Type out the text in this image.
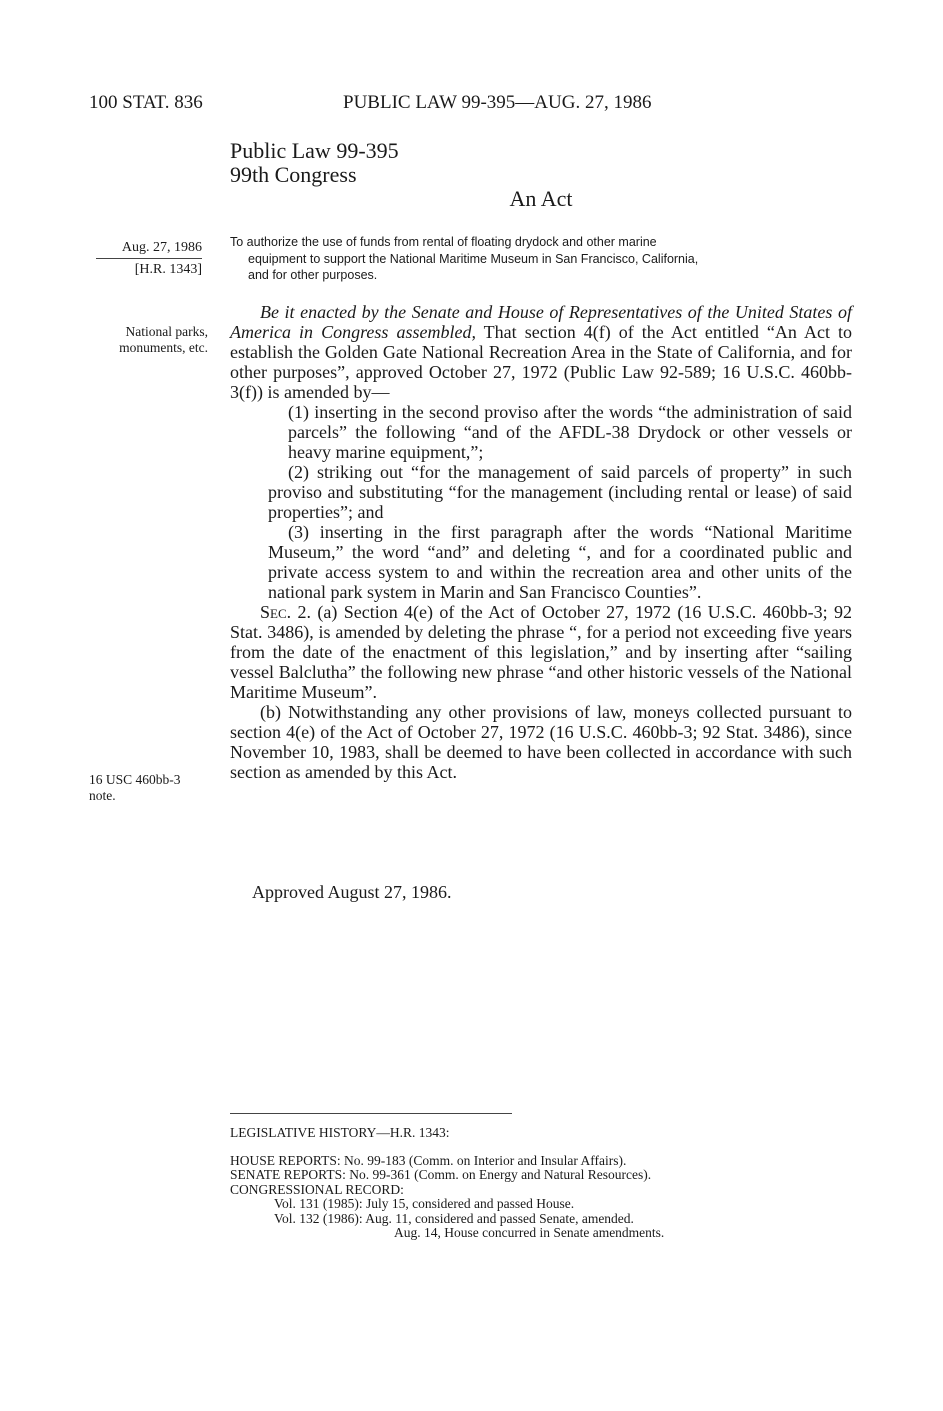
100 STAT. 836	PUBLIC LAW 99-395—AUG. 27, 1986
Public Law 99-395
99th Congress
An Act
Aug. 27, 1986
[H.R. 1343]
National parks, monuments, etc.
16 USC 460bb-3 note.
To authorize the use of funds from rental of floating drydock and other marine
equipment to support the National Maritime Museum in San Francisco, California,
and for other purposes.

Be it enacted by the Senate and House of Representatives of the United States of America in Congress assembled, That section 4(f) of the Act entitled “An Act to establish the Golden Gate National Recreation Area in the State of California, and for other purposes”, approved October 27, 1972 (Public Law 92-589; 16 U.S.C. 460bb-3(f)) is amended by—

(1) inserting in the second proviso after the words “the administration of said parcels” the following “and of the AFDL-38 Drydock or other vessels or heavy marine equipment,”;

(2) striking out “for the management of said parcels of property” in such proviso and substituting “for the management (including rental or lease) of said properties”; and

(3) inserting in the first paragraph after the words “National Maritime Museum,” the word “and” and deleting “, and for a coordinated public and private access system to and within the recreation area and other units of the national park system in Marin and San Francisco Counties”.

Sec. 2. (a) Section 4(e) of the Act of October 27, 1972 (16 U.S.C. 460bb-3; 92 Stat. 3486), is amended by deleting the phrase “, for a period not exceeding five years from the date of the enactment of this legislation,” and by inserting after “sailing vessel Balclutha” the following new phrase “and other historic vessels of the National Maritime Museum”.

(b) Notwithstanding any other provisions of law, moneys collected pursuant to section 4(e) of the Act of October 27, 1972 (16 U.S.C. 460bb-3; 92 Stat. 3486), since November 10, 1983, shall be deemed to have been collected in accordance with such section as amended by this Act.

Approved August 27, 1986.

LEGISLATIVE HISTORY—H.R. 1343:

HOUSE REPORTS: No. 99-183 (Comm. on Interior and Insular Affairs).

SENATE REPORTS: No. 99-361 (Comm. on Energy and Natural Resources).

CONGRESSIONAL RECORD:

Vol. 131 (1985): July 15, considered and passed House.

Vol. 132 (1986): Aug. 11, considered and passed Senate, amended.

Aug. 14, House concurred in Senate amendments.
